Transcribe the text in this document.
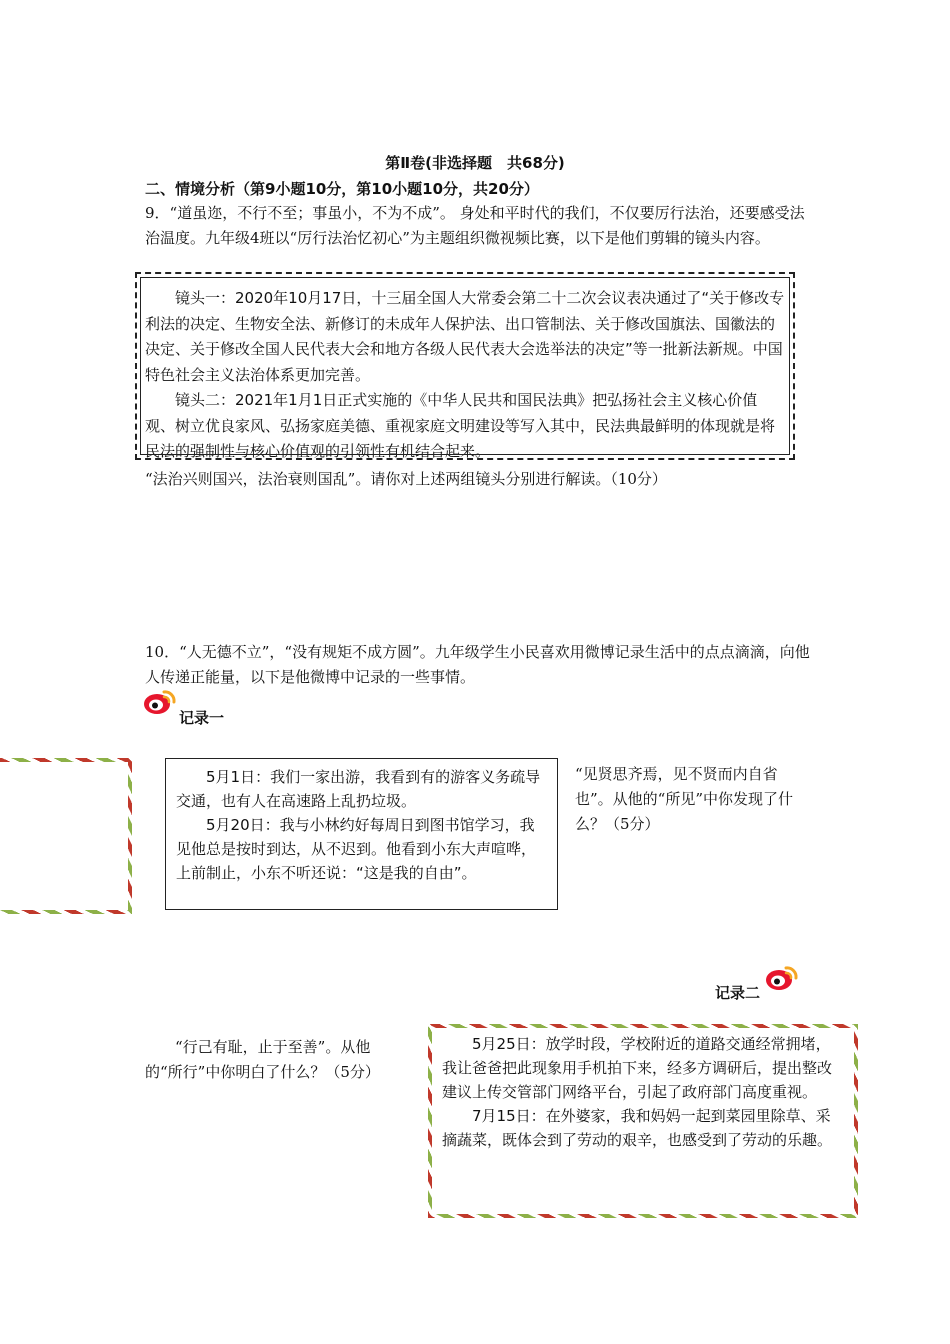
第Ⅱ卷(非选择题　共68分)
二、情境分析（第9小题10分，第10小题10分，共20分）
9．“道虽迩，不行不至；事虽小，不为不成”。 身处和平时代的我们，不仅要厉行法治，还要感受法治温度。九年级4班以“厉行法治忆初心”为主题组织微视频比赛，以下是他们剪辑的镜头内容。

镜头一：2020年10月17日，十三届全国人大常委会第二十二次会议表决通过了“关于修改专利法的决定、生物安全法、新修订的未成年人保护法、出口管制法、关于修改国旗法、国徽法的决定、关于修改全国人民代表大会和地方各级人民代表大会选举法的决定”等一批新法新规。中国特色社会主义法治体系更加完善。

镜头二：2021年1月1日正式实施的《中华人民共和国民法典》把弘扬社会主义核心价值观、树立优良家风、弘扬家庭美德、重视家庭文明建设等写入其中，民法典最鲜明的体现就是将民法的强制性与核心价值观的引领性有机结合起来。

“法治兴则国兴，法治衰则国乱”。请你对上述两组镜头分别进行解读。（10分）
10．“人无德不立”，“没有规矩不成方圆”。九年级学生小民喜欢用微博记录生活中的点点滴滴，向他人传递正能量，以下是他微博中记录的一些事情。
记录一

5月1日：我们一家出游，我看到有的游客义务疏导交通，也有人在高速路上乱扔垃圾。

5月20日：我与小林约好每周日到图书馆学习，我见他总是按时到达，从不迟到。他看到小东大声喧哗，上前制止，小东不听还说：“这是我的自由”。

“见贤思齐焉，见不贤而内自省也”。从他的“所见”中你发现了什么？（5分）
记录二
“行己有耻，止于至善”。从他的“所行”中你明白了什么？（5分）

5月25日：放学时段，学校附近的道路交通经常拥堵，我让爸爸把此现象用手机拍下来，经多方调研后，提出整改建议上传交管部门网络平台，引起了政府部门高度重视。

7月15日：在外婆家，我和妈妈一起到菜园里除草、采摘蔬菜，既体会到了劳动的艰辛，也感受到了劳动的乐趣。
